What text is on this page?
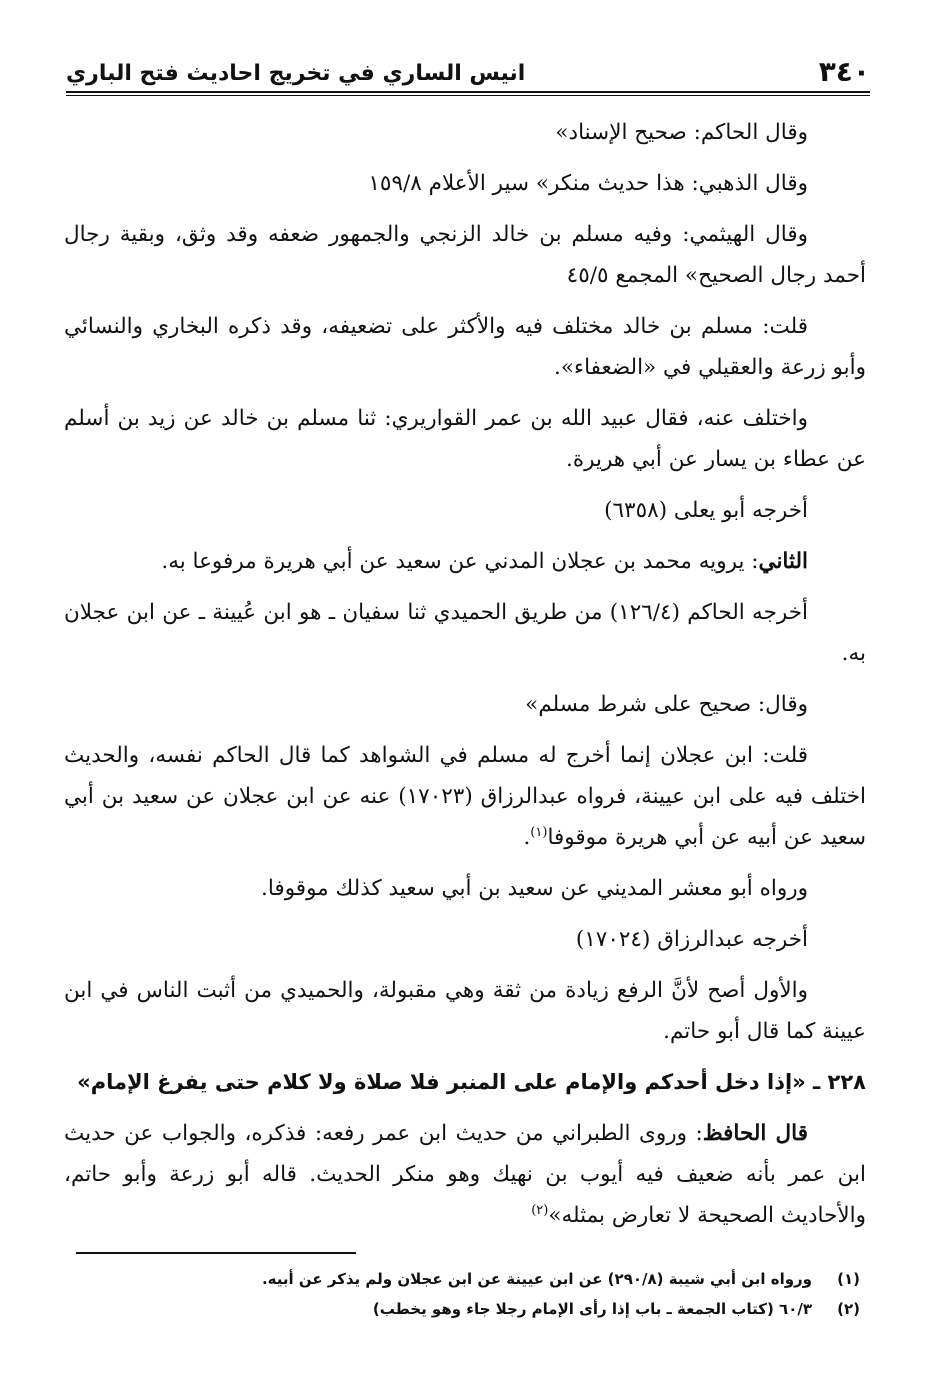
٣٤٠
انيس الساري في تخريج احاديث فتح الباري

وقال الحاكم: صحيح الإسناد»

وقال الذهبي: هذا حديث منكر» سير الأعلام ١٥٩/٨

وقال الهيثمي: وفيه مسلم بن خالد الزنجي والجمهور ضعفه وقد وثق، وبقية رجال أحمد رجال الصحيح» المجمع ٤٥/٥

قلت: مسلم بن خالد مختلف فيه والأكثر على تضعيفه، وقد ذكره البخاري والنسائي وأبو زرعة والعقيلي في «الضعفاء».

واختلف عنه، فقال عبيد الله بن عمر القواريري: ثنا مسلم بن خالد عن زيد بن أسلم عن عطاء بن يسار عن أبي هريرة.

أخرجه أبو يعلى (٦٣٥٨)

الثاني: يرويه محمد بن عجلان المدني عن سعيد عن أبي هريرة مرفوعا به.

أخرجه الحاكم (١٢٦/٤) من طريق الحميدي ثنا سفيان ـ هو ابن عُيينة ـ عن ابن عجلان به.

وقال: صحيح على شرط مسلم»

قلت: ابن عجلان إنما أخرج له مسلم في الشواهد كما قال الحاكم نفسه، والحديث اختلف فيه على ابن عيينة، فرواه عبدالرزاق (١٧٠٢٣) عنه عن ابن عجلان عن سعيد بن أبي سعيد عن أبيه عن أبي هريرة موقوفا$^{(١)}$.

ورواه أبو معشر المديني عن سعيد بن أبي سعيد كذلك موقوفا.

أخرجه عبدالرزاق (١٧٠٢٤)

والأول أصح لأنَّ الرفع زيادة من ثقة وهي مقبولة، والحميدي من أثبت الناس في ابن عيينة كما قال أبو حاتم.

٢٢٨ ـ «إذا دخل أحدكم والإمام على المنبر فلا صلاة ولا كلام حتى يفرغ الإمام»

قال الحافظ: وروى الطبراني من حديث ابن عمر رفعه: فذكره، والجواب عن حديث ابن عمر بأنه ضعيف فيه أيوب بن نهيك وهو منكر الحديث. قاله أبو زرعة وأبو حاتم، والأحاديث الصحيحة لا تعارض بمثله»$^{(٢)}$

(١)
ورواه ابن أبي شيبة (٢٩٠/٨) عن ابن عيينة عن ابن عجلان ولم يذكر عن أبيه.
(٢)
٦٠/٣ (كتاب الجمعة ـ باب إذا رأى الإمام رجلا جاء وهو يخطب)
